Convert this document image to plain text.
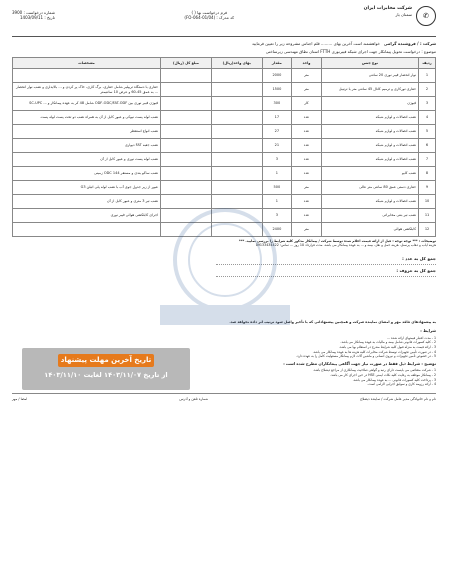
✆
شرکت مخابرات ایران
سمنان یار
فرم درخواست بها ( )
کد مدرک : (FO-064-01/04)
شماره درخواست : 3900
تاریخ : 1403/09/11
شرکت : / فروشنده گرامی   خواهشمند است آخرین بهای ......... قلم اجناس مشروحه زیر را تعیین فرمایید
موضوع : درخواست تحویل پیمانکار جهت اجرای شبکه فیبرنوری FTTH استان نطاق مهندسی زیرساختی
ردیف	نوع جنس	واحد	مقدار	بهای واحد(ریال)	مبلغ کل (ریال)	مشخصات
1	نوار انحصار فیبر نوری 20 سانتی	متر	2000			
2	حفاری تورکاری و ترمیم کانال 45 سانتی متر با ترتیبل	متر	1500			حفاری با دستگاه تریپلیر شامل حفاری، برگ کاری، خاک پر کردن و ... بالایداری و نصب نوار انحصار ... به عمق 45-60 و عرض 10 سانتیمتر
3	فیوژن	کار	300			فیوژن فیبر نوری بین ODF-ODC/FAT-ODF شامل 48 کر به عهده پیمانکار و ... SC-UPC
4	نصب اتصالات و لوازم شبکه	عدد	17			نصب لوله پست نیوکی و عبور کابل از آن به همراه نصب دو تحت پست لوله پست
5	نصب اتصالات و لوازم شبکه	عدد	27			نصب انواع استقطر
6	نصب اتصالات و لوازم شبکه	عدد	21			نصب جعبه FAT دیواری
7	نصب اتصالات و لوازم شبکه	عدد	3			نصب لوله پست نوری و عبور کابل از آن
8	نصب کابو	عدد	1			نصب ساکو بندی و مستقر ODC 144 زمینی
9	حفاری دستی عمق 80 سانتی متر عالی	متر	500			عبور از زیر جدول جوی آب با نصب لوله پلی اتیلن G3
10	نصب اتصالات و لوازم شبکه	عدد	1			نصب تیر 3 متری و عبور کابل از آن
11	نصب تیر بتنی مخابراتی	عدد	3			اجرای کابلکشی هوائی فیبر نوری
12	کابلکشی هوائی	متر	2400			
توضیحات : *** توجه توجه : قبل از ارائه قیمت اعلام شده توسط شرکت / پیمانکار مذکور کلیه شرایط را بررسی نمایید. ***
هزینه ایاب و ذهاب پرسنل، هزینه حمل و نقل، بیمه و ... به عهده پیمانکار می باشد. مدت قرارداد 10 روز ... تماس: 09133434422
جمع کل به عدد :
جمع کل به حروف :
به پیشنهادهای فاقد مهر و امضای نماینده شرکت و همچنین پیشنهاداتی که با تأخیر واصل شود ترتیب اثر داده نخواهد شد.
شرایط :
1 - مدت اعتبار قیمتهای ارائه شده ...
2 - کلیه کسورات قانونی شامل بیمه و مالیات به عهده پیمانکار می باشد.
3 - ارائه قیمت به منزله قبول کلیه شرایط مندرج در استعلام بها می باشد.
4 - در صورت تأمین تجهیزات توسط شرکت مخابرات کلیه هزینه ها به عهده پیمانکار می باشد.
5 - در خصوص تأمین تجهیزات و نیروی انسانی و ماشین آلات لازم پیمانکار مسئولیت کامل را به عهده دارد.
توضیح : شرایط ذیل فقط در صورت نیاز جهت آگاهی پیمانکاران مطرح شده است :
1 - شرکت متقاضی می بایست دارای رتبه و گواهی صلاحیت پیمانکاری از مراجع ذیصلاح باشد.
2 - پیمانکار موظف به رعایت کلیه نکات ایمنی HSE در حین اجرای کار می باشد.
3 - پرداخت کلیه کسورات قانونی ... به عهده پیمانکار می باشد.
4 - ارائه رزومه کاری و سوابق اجرایی الزامی است.
نام و نام خانوادگی مدیر عامل شرکت / نماینده ذیصلاح
شماره تلفن و آدرس
امضا / مهر
تاریخ آخرین مهلت پیشنهاد
از تاریخ ۱۴۰۳/۱۱/۰۷ لغایت ۱۴۰۳/۱۱/۱۰
